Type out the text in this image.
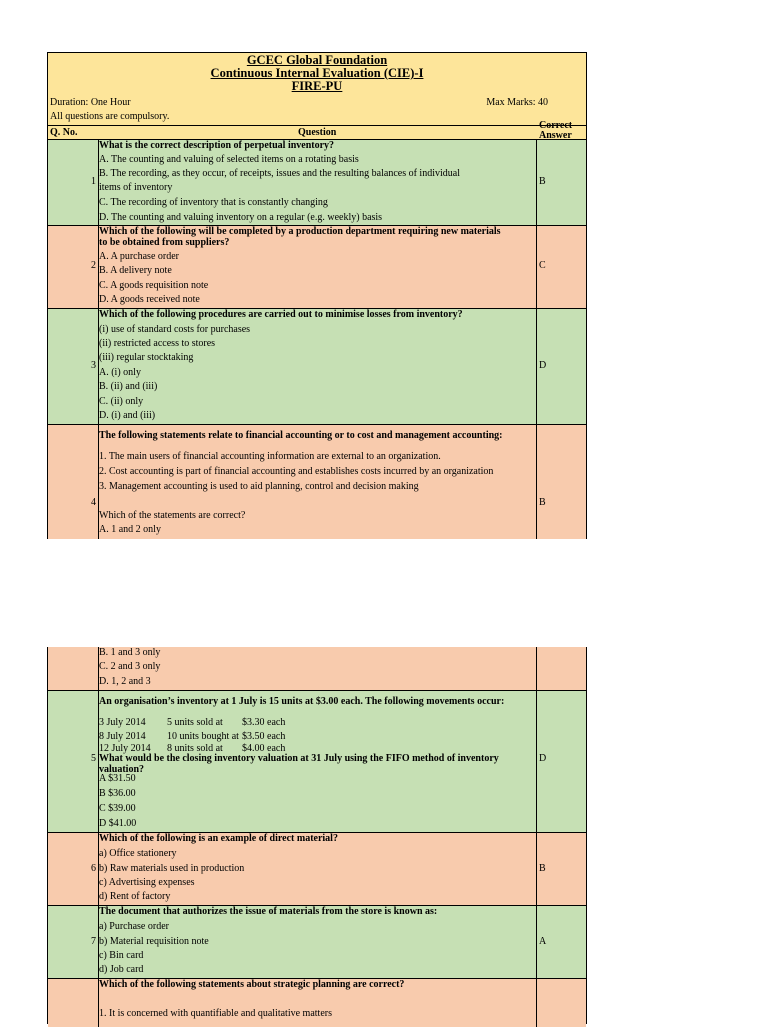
GCEC Global Foundation
Continuous Internal Evaluation (CIE)-I
FIRE-PU
Duration: One Hour	Max Marks: 40
All questions are compulsory.
Q. No.	Question
Correct Answer
1
What is the correct description of perpetual inventory?
A. The counting and valuing of selected items on a rotating basis
B. The recording, as they occur, of receipts, issues and the resulting balances of individual
items of inventory
C. The recording of inventory that is constantly changing
D. The counting and valuing inventory on a regular (e.g. weekly) basis
B
2
Which of the following will be completed by a production department requiring new materials
to be obtained from suppliers?
A. A purchase order
B. A delivery note
C. A goods requisition note
D. A goods received note
C
3
Which of the following procedures are carried out to minimise losses from inventory?
(i) use of standard costs for purchases
(ii) restricted access to stores
(iii) regular stocktaking
A. (i) only
B. (ii) and (iii)
C. (ii) only
D. (i) and (iii)
D
4
The following statements relate to financial accounting or to cost and management accounting:
1. The main users of financial accounting information are external to an organization.
2. Cost accounting is part of financial accounting and establishes costs incurred by an organization
3. Management accounting is used to aid planning, control and decision making
Which of the statements are correct?
A. 1 and 2 only
B
B. 1 and 3 only
C. 2 and 3 only
D. 1, 2 and 3
5
An organisation’s inventory at 1 July is 15 units at $3.00 each. The following movements occur:
3 July 2014 5 units sold at $3.30 each
8 July 2014 10 units bought at $3.50 each
12 July 2014 8 units sold at $4.00 each
What would be the closing inventory valuation at 31 July using the FIFO method of inventory
valuation?
A $31.50
B $36.00
C $39.00
D $41.00
D
6
Which of the following is an example of direct material?
a) Office stationery
b) Raw materials used in production
c) Advertising expenses
d) Rent of factory
B
7
The document that authorizes the issue of materials from the store is known as:
a) Purchase order
b) Material requisition note
c) Bin card
d) Job card
A
Which of the following statements about strategic planning are correct?
1. It is concerned with quantifiable and qualitative matters
